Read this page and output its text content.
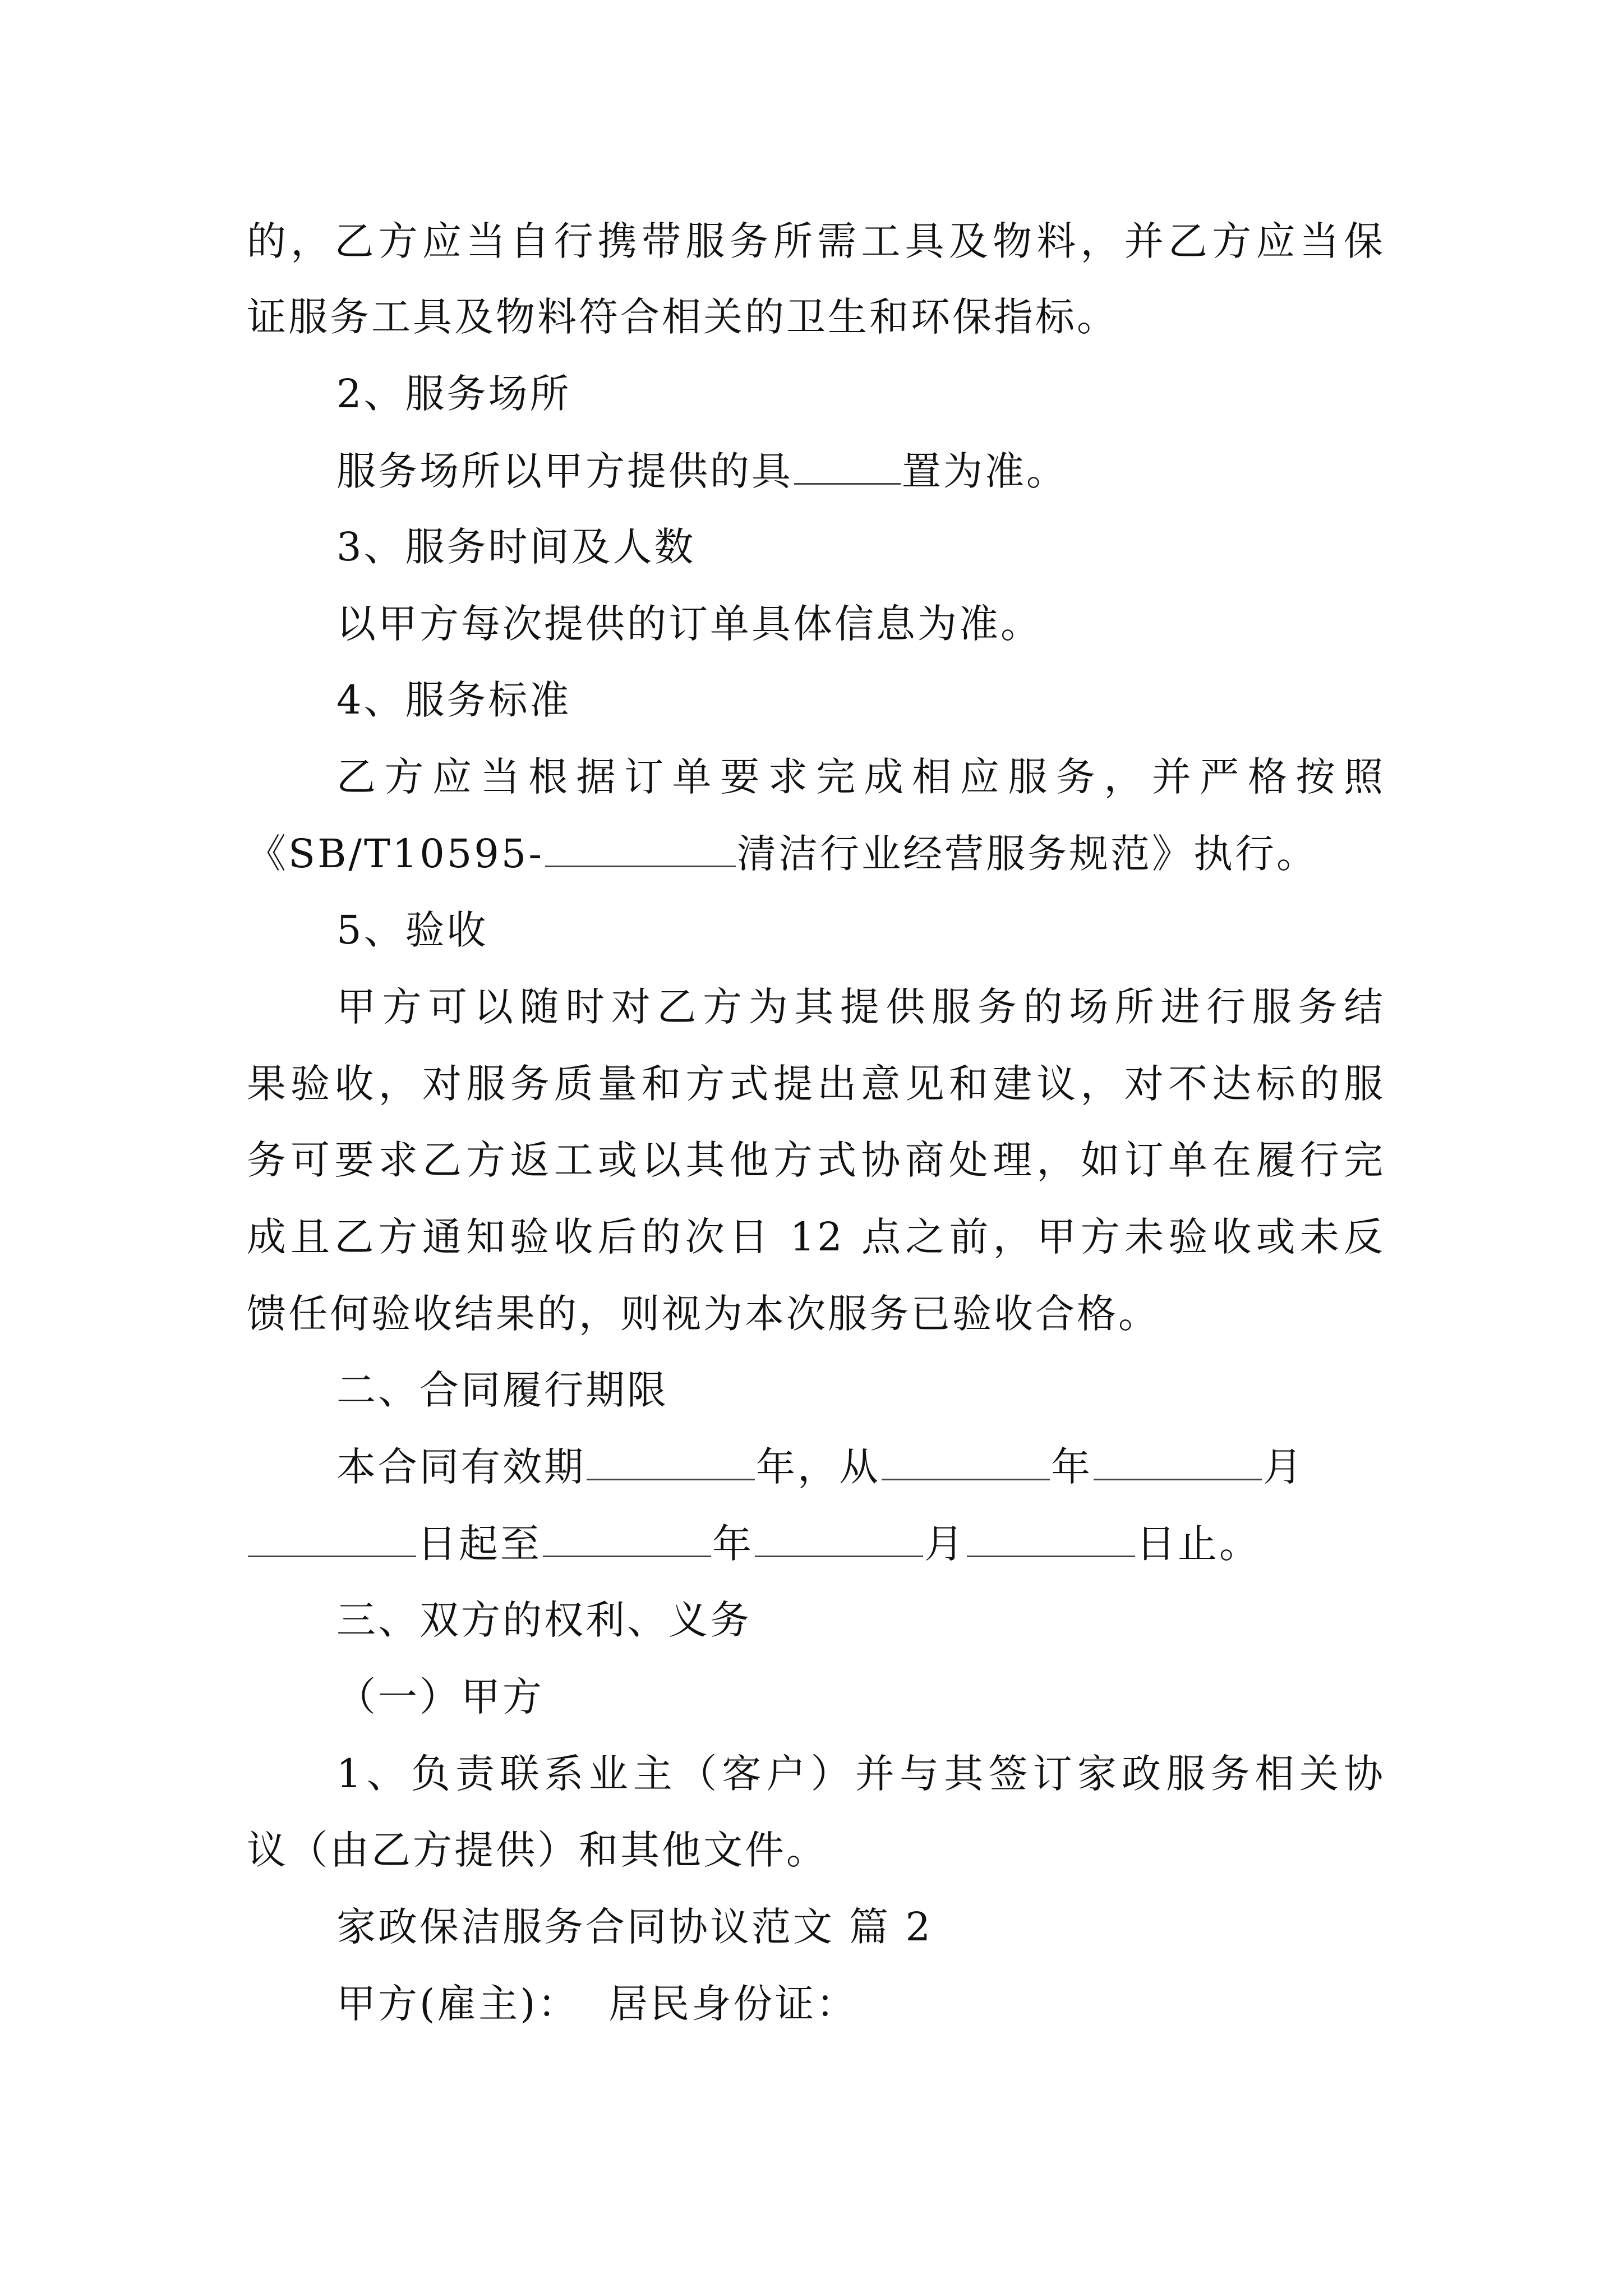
的，乙方应当自行携带服务所需工具及物料，并乙方应当保
证服务工具及物料符合相关的卫生和环保指标。
2、服务场所
服务场所以甲方提供的具	置为准。
3、服务时间及人数
以甲方每次提供的订单具体信息为准。
4、服务标准
乙方应当根据订单要求完成相应服务，并严格按照
《SB/T10595-	清洁行业经营服务规范》执行。
5、验收
甲方可以随时对乙方为其提供服务的场所进行服务结
果验收，对服务质量和方式提出意见和建议，对不达标的服
务可要求乙方返工或以其他方式协商处理，如订单在履行完
成且乙方通知验收后的次日 12 点之前，甲方未验收或未反
馈任何验收结果的，则视为本次服务已验收合格。
二、合同履行期限
本合同有效期	年，从	年	月
日起至	年	月	日止。
三、双方的权利、义务
（一）甲方
1、负责联系业主（客户）并与其签订家政服务相关协
议（由乙方提供）和其他文件。
家政保洁服务合同协议范文 篇 2
甲方(雇主)：  居民身份证：
